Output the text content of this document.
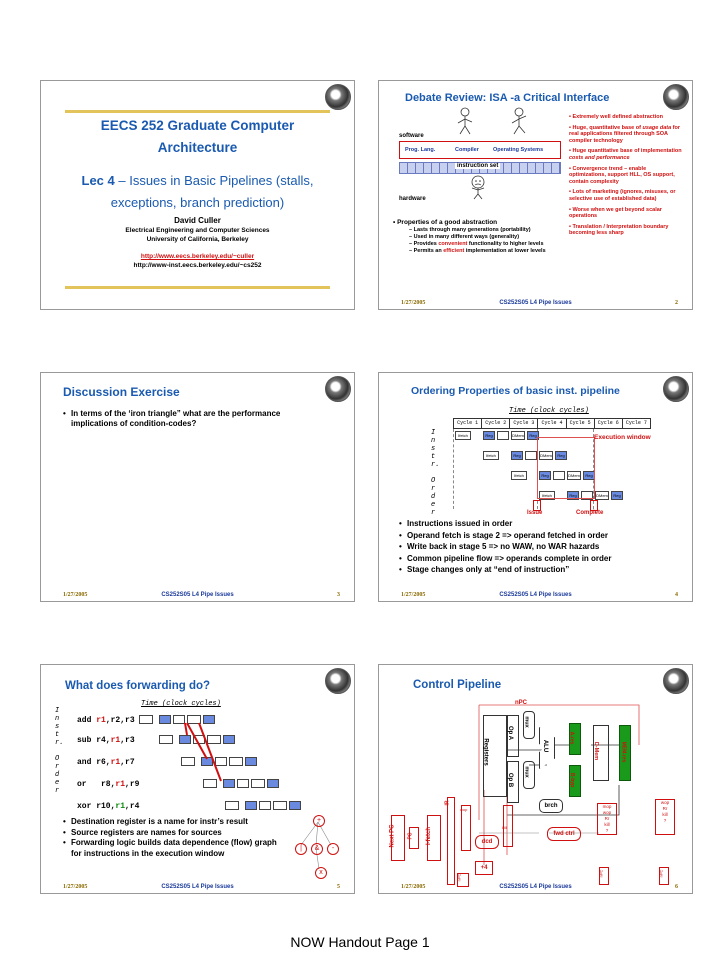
EECS 252 Graduate Computer
Architecture
Lec 4 – Issues in Basic Pipelines (stalls,
exceptions, branch prediction)
David Culler
Electrical Engineering and Computer Sciences
University of California, Berkeley
http://www.eecs.berkeley.edu/~culler
http://www-inst.eecs.berkeley.edu/~cs252
Debate Review: ISA -a Critical Interface
software
Prog. Lang.	Compiler	Operating Systems
instruction set
hardware
• Properties of a good abstraction
– Lasts through many generations (portability)
– Used in many different ways (generality)
– Provides convenient functionality to higher levels
– Permits an efficient implementation at lower levels
• Extremely well defined abstraction
• Huge, quantitative base of usage data for real applications filtered through SOA compiler technology
• Huge quantitative base of implementation costs and performance
• Convergence trend – enable optimizations, support HLL, OS support, contain complexity
• Lots of marketing (ignores, misuses, or selective use of established data)
• Worse when we get beyond scalar operations
• Translation / Interpretation boundary becoming less sharp
1/27/2005	CS252S05 L4 Pipe Issues	2
Discussion Exercise
• In terms of the ‘iron triangle” what are the performance implications of condition-codes?
1/27/2005	CS252S05 L4 Pipe Issues	3
Ordering Properties of basic inst. pipeline
Time (clock cycles)
Cycle 1	Cycle 2	Cycle 3	Cycle 4	Cycle 5	Cycle 6	Cycle 7
I
n
s
t
r.
O
r
d
e
r
Ifetch	Reg	DMem	Reg
Ifetch	Reg	DMem	Reg
Ifetch	Reg	DMem	Reg
Ifetch	Reg	DMem	Reg
Execution window
Issue	Complete
• Instructions issued in order
• Operand fetch is stage 2 => operand fetched in order
• Write back in stage 5 => no WAW, no WAR hazards
• Common pipeline flow => operands complete in order
• Stage changes only at “end of instruction”
1/27/2005	CS252S05 L4 Pipe Issues	4
What does forwarding do?
Time (clock cycles)
I
n
s
t
r.
O
r
d
e
r
add r1,r2,r3
sub r4,r1,r3
and r6,r1,r7
or   r8,r1,r9
xor r10,r1,r4
• Destination register is a name for instr’s result
• Source registers are names for sources
• Forwarding logic builds data dependence (flow) graph for instructions in the execution window
+
|	&	-
x
1/27/2005	CS252S05 L4 Pipe Issues	5
Control Pipeline
nPC
Registers
Op A
Op B
mux
mux
ALU
A-res
B-byp
D-Mem	MEM-res
brch
fwd ctrl
Next PC PC I-fetch
IR
dcd
+4
wop
kill
nPC
mop
wop
Rr
kill
?
nPC
wop
Rr
kill
?
nPC
1/27/2005	CS252S05 L4 Pipe Issues	6
NOW Handout Page 1
